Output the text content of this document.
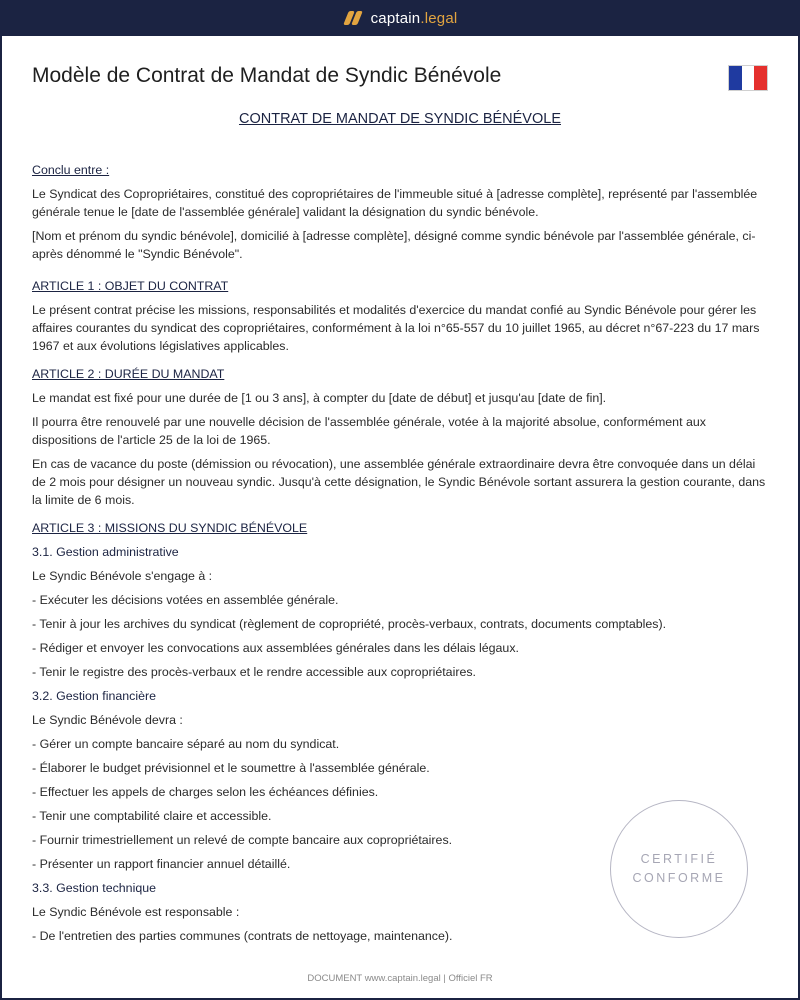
captain.legal
Modèle de Contrat de Mandat de Syndic Bénévole
CONTRAT DE MANDAT DE SYNDIC BÉNÉVOLE

Conclu entre :

Le Syndicat des Copropriétaires, constitué des copropriétaires de l'immeuble situé à [adresse complète], représenté par l'assemblée générale tenue le [date de l'assemblée générale] validant la désignation du syndic bénévole.

[Nom et prénom du syndic bénévole], domicilié à [adresse complète], désigné comme syndic bénévole par l'assemblée générale, ci-après dénommé le "Syndic Bénévole".

ARTICLE 1 : OBJET DU CONTRAT

Le présent contrat précise les missions, responsabilités et modalités d'exercice du mandat confié au Syndic Bénévole pour gérer les affaires courantes du syndicat des copropriétaires, conformément à la loi n°65-557 du 10 juillet 1965, au décret n°67-223 du 17 mars 1967 et aux évolutions législatives applicables.

ARTICLE 2 : DURÉE DU MANDAT

Le mandat est fixé pour une durée de [1 ou 3 ans], à compter du [date de début] et jusqu'au [date de fin].

Il pourra être renouvelé par une nouvelle décision de l'assemblée générale, votée à la majorité absolue, conformément aux dispositions de l'article 25 de la loi de 1965.

En cas de vacance du poste (démission ou révocation), une assemblée générale extraordinaire devra être convoquée dans un délai de 2 mois pour désigner un nouveau syndic. Jusqu'à cette désignation, le Syndic Bénévole sortant assurera la gestion courante, dans la limite de 6 mois.

ARTICLE 3 : MISSIONS DU SYNDIC BÉNÉVOLE

3.1. Gestion administrative

Le Syndic Bénévole s'engage à :

- Exécuter les décisions votées en assemblée générale.

- Tenir à jour les archives du syndicat (règlement de copropriété, procès-verbaux, contrats, documents comptables).

- Rédiger et envoyer les convocations aux assemblées générales dans les délais légaux.

- Tenir le registre des procès-verbaux et le rendre accessible aux copropriétaires.

3.2. Gestion financière

Le Syndic Bénévole devra :

- Gérer un compte bancaire séparé au nom du syndicat.

- Élaborer le budget prévisionnel et le soumettre à l'assemblée générale.

- Effectuer les appels de charges selon les échéances définies.

- Tenir une comptabilité claire et accessible.

- Fournir trimestriellement un relevé de compte bancaire aux copropriétaires.

- Présenter un rapport financier annuel détaillé.

3.3. Gestion technique

Le Syndic Bénévole est responsable :

- De l'entretien des parties communes (contrats de nettoyage, maintenance).

CERTIFIÉ
CONFORME
DOCUMENT www.captain.legal | Officiel FR
